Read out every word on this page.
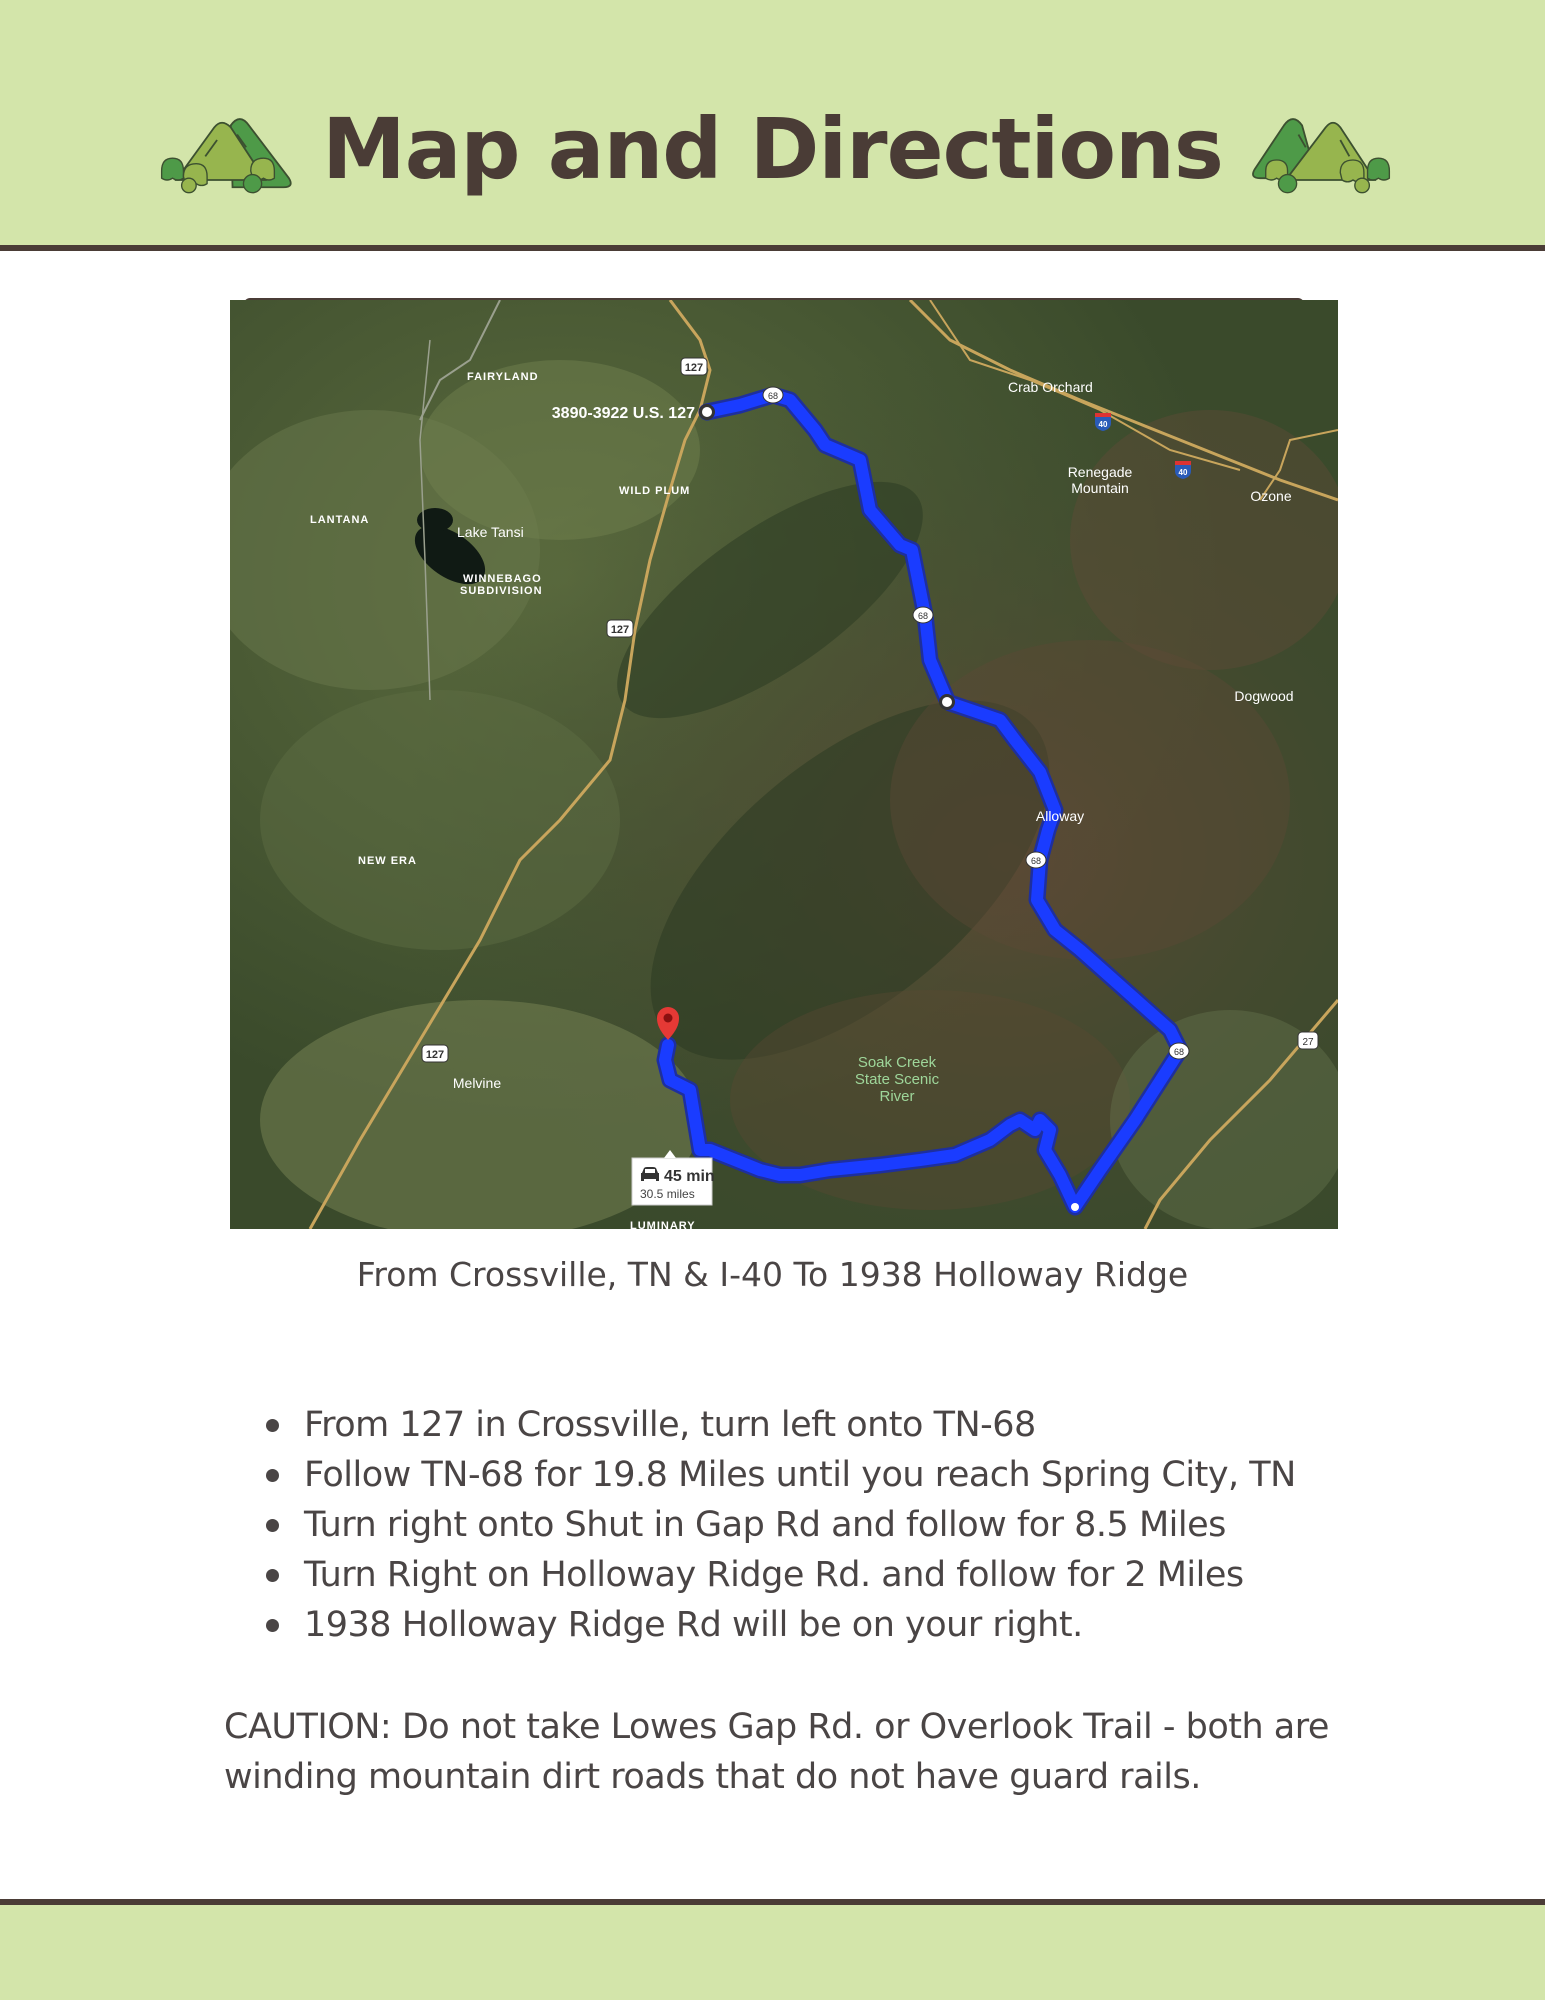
Map and Directions
127
127
127
68
68
68
68
40
40
27
FAIRYLAND
WILD PLUM
LANTANA
WINNEBAGO
SUBDIVISION
NEW ERA
LUMINARY
3890-3922 U.S. 127
Lake Tansi
Crab Orchard
Renegade
Mountain	Ozone
Dogwood
Alloway
Melvine
Soak Creek
State Scenic
River
45 min
30.5 miles
From Crossville, TN & I-40 To 1938 Holloway Ridge
From 127 in Crossville, turn left onto TN-68
Follow TN-68 for 19.8 Miles until you reach Spring City, TN
Turn right onto Shut in Gap Rd and follow for 8.5 Miles
Turn Right on Holloway Ridge Rd. and follow for 2 Miles
1938 Holloway Ridge Rd will be on your right.
CAUTION: Do not take Lowes Gap Rd. or Overlook Trail - both are winding mountain dirt roads that do not have guard rails.
